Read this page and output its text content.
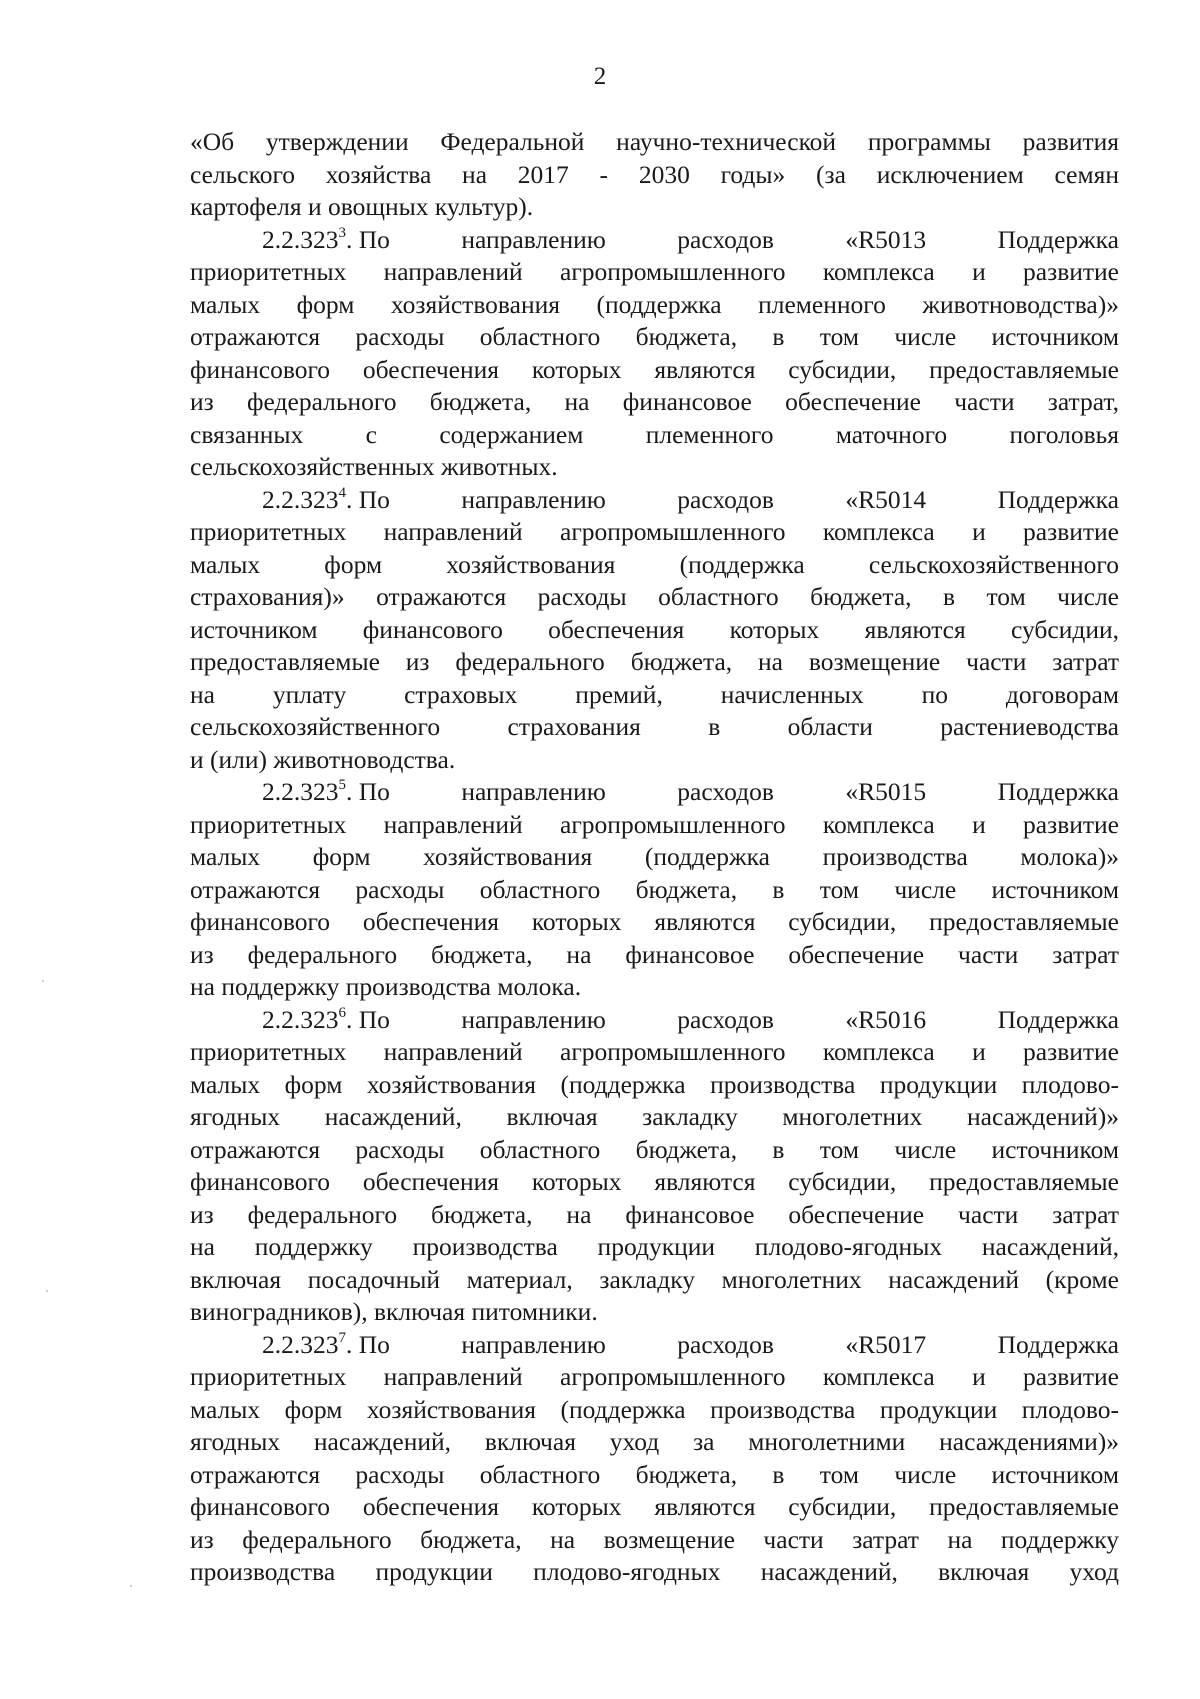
2
«Об утверждении Федеральной научно-технической программы развития
сельского хозяйства на 2017 - 2030 годы» (за исключением семян
картофеля и овощных культур).
2.2.323$^3$. По	направлению	расходов	«R5013	Поддержка
приоритетных направлений агропромышленного комплекса и развитие
малых форм хозяйствования (поддержка племенного животноводства)»
отражаются расходы областного бюджета, в том числе источником
финансового обеспечения которых являются субсидии, предоставляемые
из федерального бюджета, на финансовое обеспечение части затрат,
связанных с содержанием племенного маточного поголовья
сельскохозяйственных животных.
2.2.323$^4$. По	направлению	расходов	«R5014	Поддержка
приоритетных направлений агропромышленного комплекса и развитие
малых форм хозяйствования (поддержка сельскохозяйственного
страхования)» отражаются расходы областного бюджета, в том числе
источником финансового обеспечения которых являются субсидии,
предоставляемые из федерального бюджета, на возмещение части затрат
на уплату страховых премий, начисленных по договорам
сельскохозяйственного страхования в области растениеводства
и (или) животноводства.
2.2.323$^5$. По	направлению	расходов	«R5015	Поддержка
приоритетных направлений агропромышленного комплекса и развитие
малых форм хозяйствования (поддержка производства молока)»
отражаются расходы областного бюджета, в том числе источником
финансового обеспечения которых являются субсидии, предоставляемые
из федерального бюджета, на финансовое обеспечение части затрат
на поддержку производства молока.
2.2.323$^6$. По	направлению	расходов	«R5016	Поддержка
приоритетных направлений агропромышленного комплекса и развитие
малых форм хозяйствования (поддержка производства продукции плодово-
ягодных насаждений, включая закладку многолетних насаждений)»
отражаются расходы областного бюджета, в том числе источником
финансового обеспечения которых являются субсидии, предоставляемые
из федерального бюджета, на финансовое обеспечение части затрат
на поддержку производства продукции плодово-ягодных насаждений,
включая посадочный материал, закладку многолетних насаждений (кроме
виноградников), включая питомники.
2.2.323$^7$. По	направлению	расходов	«R5017	Поддержка
приоритетных направлений агропромышленного комплекса и развитие
малых форм хозяйствования (поддержка производства продукции плодово-
ягодных насаждений, включая уход за многолетними насаждениями)»
отражаются расходы областного бюджета, в том числе источником
финансового обеспечения которых являются субсидии, предоставляемые
из федерального бюджета, на возмещение части затрат на поддержку
производства продукции плодово-ягодных насаждений, включая уход
